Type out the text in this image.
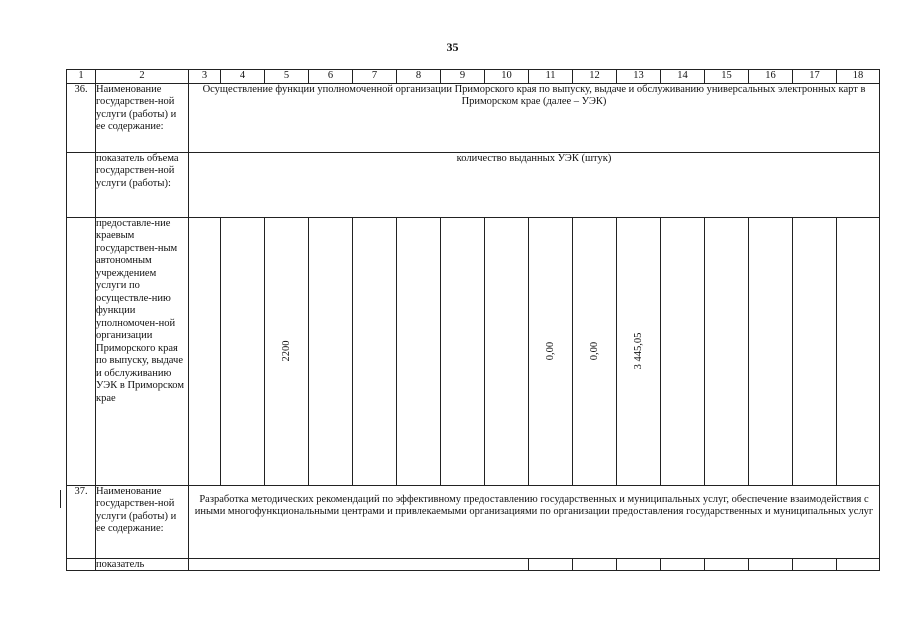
35
1	2	3	4	5	6	7	8	9	10	11	12	13	14	15	16	17	18
36.	Наименование государствен-ной услуги (работы) и ее содержание:	Осуществление функции уполномоченной организации Приморского края по выпуску, выдаче и обслуживанию универсальных электронных карт в Приморском крае (далее – УЭК)															
	показатель объема государствен-ной услуги (работы):	количество выданных УЭК (штук)															
	предоставле-ние краевым государствен-ным автономным учреждением услуги по осуществле-нию функции уполномочен-ной организации Приморского края по выпуску, выдаче и обслуживанию УЭК в Приморском крае			2200						0,00	0,00	3 445,05					

37.	Наименование государствен-ной услуги (работы) и ее содержание:	Разработка методических рекомендаций по эффективному предоставлению государственных и муниципальных услуг, обеспечение взаимодействия с иными многофункциональными центрами и привлекаемыми организациями по организации предоставления государственных и муниципальных услуг															
	показатель																
